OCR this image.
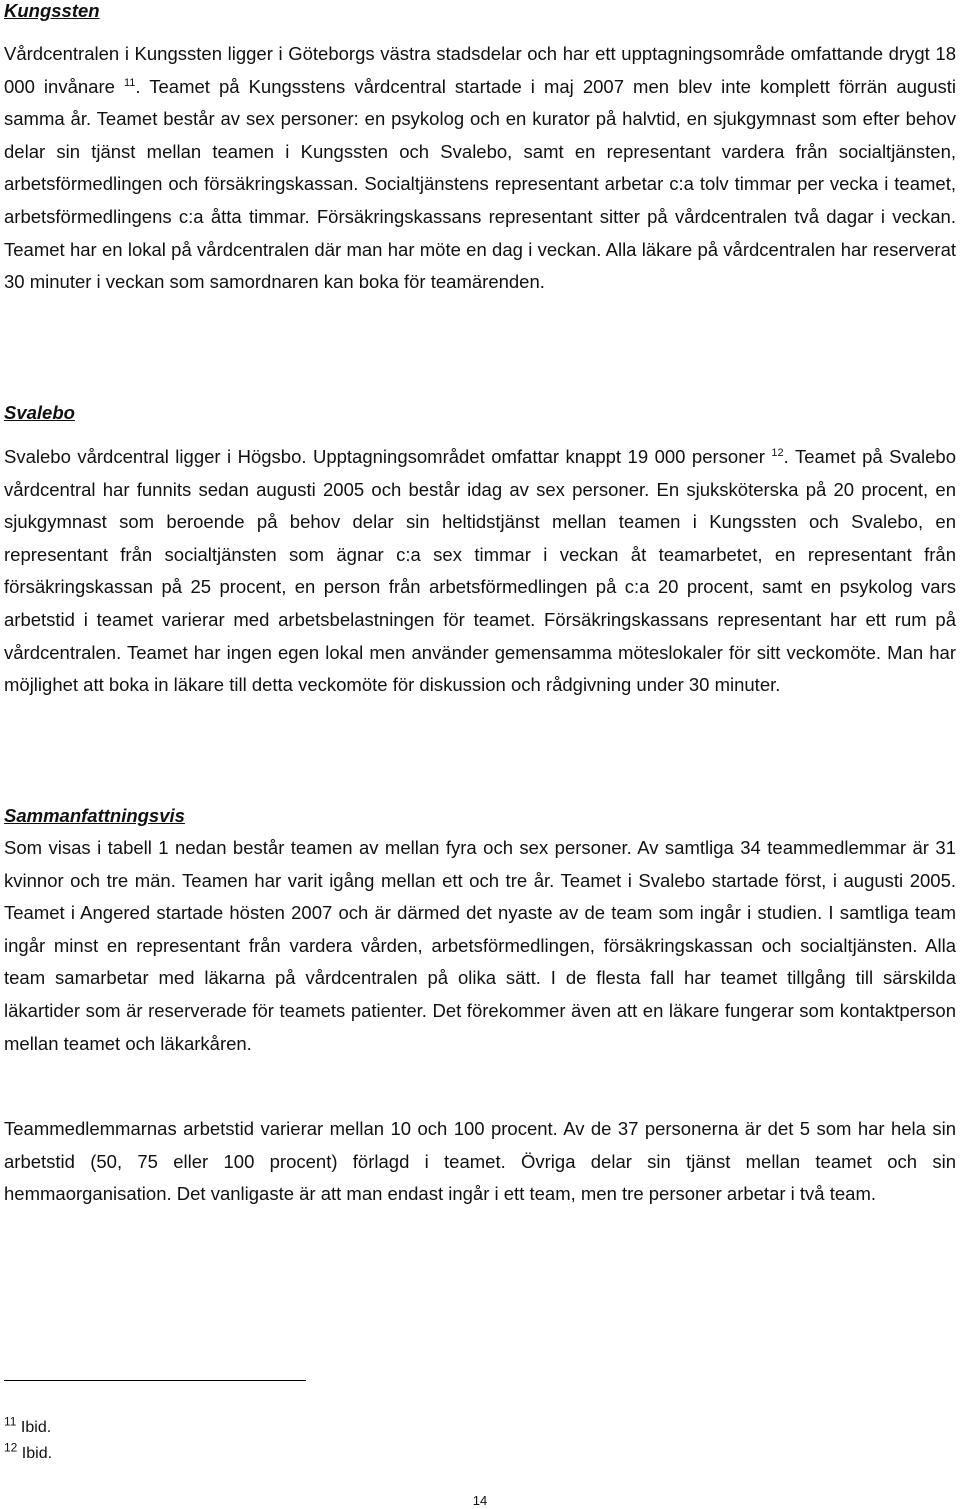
Kungssten

Vårdcentralen i Kungssten ligger i Göteborgs västra stadsdelar och har ett upptagningsområde omfattande drygt 18 000 invånare $^{11}$. Teamet på Kungsstens vårdcentral startade i maj 2007 men blev inte komplett förrän augusti samma år. Teamet består av sex personer: en psykolog och en kurator på halvtid, en sjukgymnast som efter behov delar sin tjänst mellan teamen i Kungssten och Svalebo, samt en representant vardera från socialtjänsten, arbetsförmedlingen och försäkringskassan. Socialtjänstens representant arbetar c:a tolv timmar per vecka i teamet, arbetsförmedlingens c:a åtta timmar. Försäkringskassans representant sitter på vårdcentralen två dagar i veckan. Teamet har en lokal på vårdcentralen där man har möte en dag i veckan. Alla läkare på vårdcentralen har reserverat 30 minuter i veckan som samordnaren kan boka för teamärenden.

Svalebo

Svalebo vårdcentral ligger i Högsbo. Upptagningsområdet omfattar knappt 19 000 personer $^{12}$. Teamet på Svalebo vårdcentral har funnits sedan augusti 2005 och består idag av sex personer. En sjuksköterska på 20 procent, en sjukgymnast som beroende på behov delar sin heltidstjänst mellan teamen i Kungssten och Svalebo, en representant från socialtjänsten som ägnar c:a sex timmar i veckan åt teamarbetet, en representant från försäkringskassan på 25 procent, en person från arbetsförmedlingen på c:a 20 procent, samt en psykolog vars arbetstid i teamet varierar med arbetsbelastningen för teamet. Försäkringskassans representant har ett rum på vårdcentralen. Teamet har ingen egen lokal men använder gemensamma möteslokaler för sitt veckomöte. Man har möjlighet att boka in läkare till detta veckomöte för diskussion och rådgivning under 30 minuter.

Sammanfattningsvis

Som visas i tabell 1 nedan består teamen av mellan fyra och sex personer. Av samtliga 34 teammedlemmar är 31 kvinnor och tre män. Teamen har varit igång mellan ett och tre år. Teamet i Svalebo startade först, i augusti 2005. Teamet i Angered startade hösten 2007 och är därmed det nyaste av de team som ingår i studien. I samtliga team ingår minst en representant från vardera vården, arbetsförmedlingen, försäkringskassan och socialtjänsten. Alla team samarbetar med läkarna på vårdcentralen på olika sätt. I de flesta fall har teamet tillgång till särskilda läkartider som är reserverade för teamets patienter. Det förekommer även att en läkare fungerar som kontaktperson mellan teamet och läkarkåren.

Teammedlemmarnas arbetstid varierar mellan 10 och 100 procent. Av de 37 personerna är det 5 som har hela sin arbetstid (50, 75 eller 100 procent) förlagd i teamet. Övriga delar sin tjänst mellan teamet och sin hemmaorganisation. Det vanligaste är att man endast ingår i ett team, men tre personer arbetar i två team.

$^{11}$ Ibid.

$^{12}$ Ibid.

14
